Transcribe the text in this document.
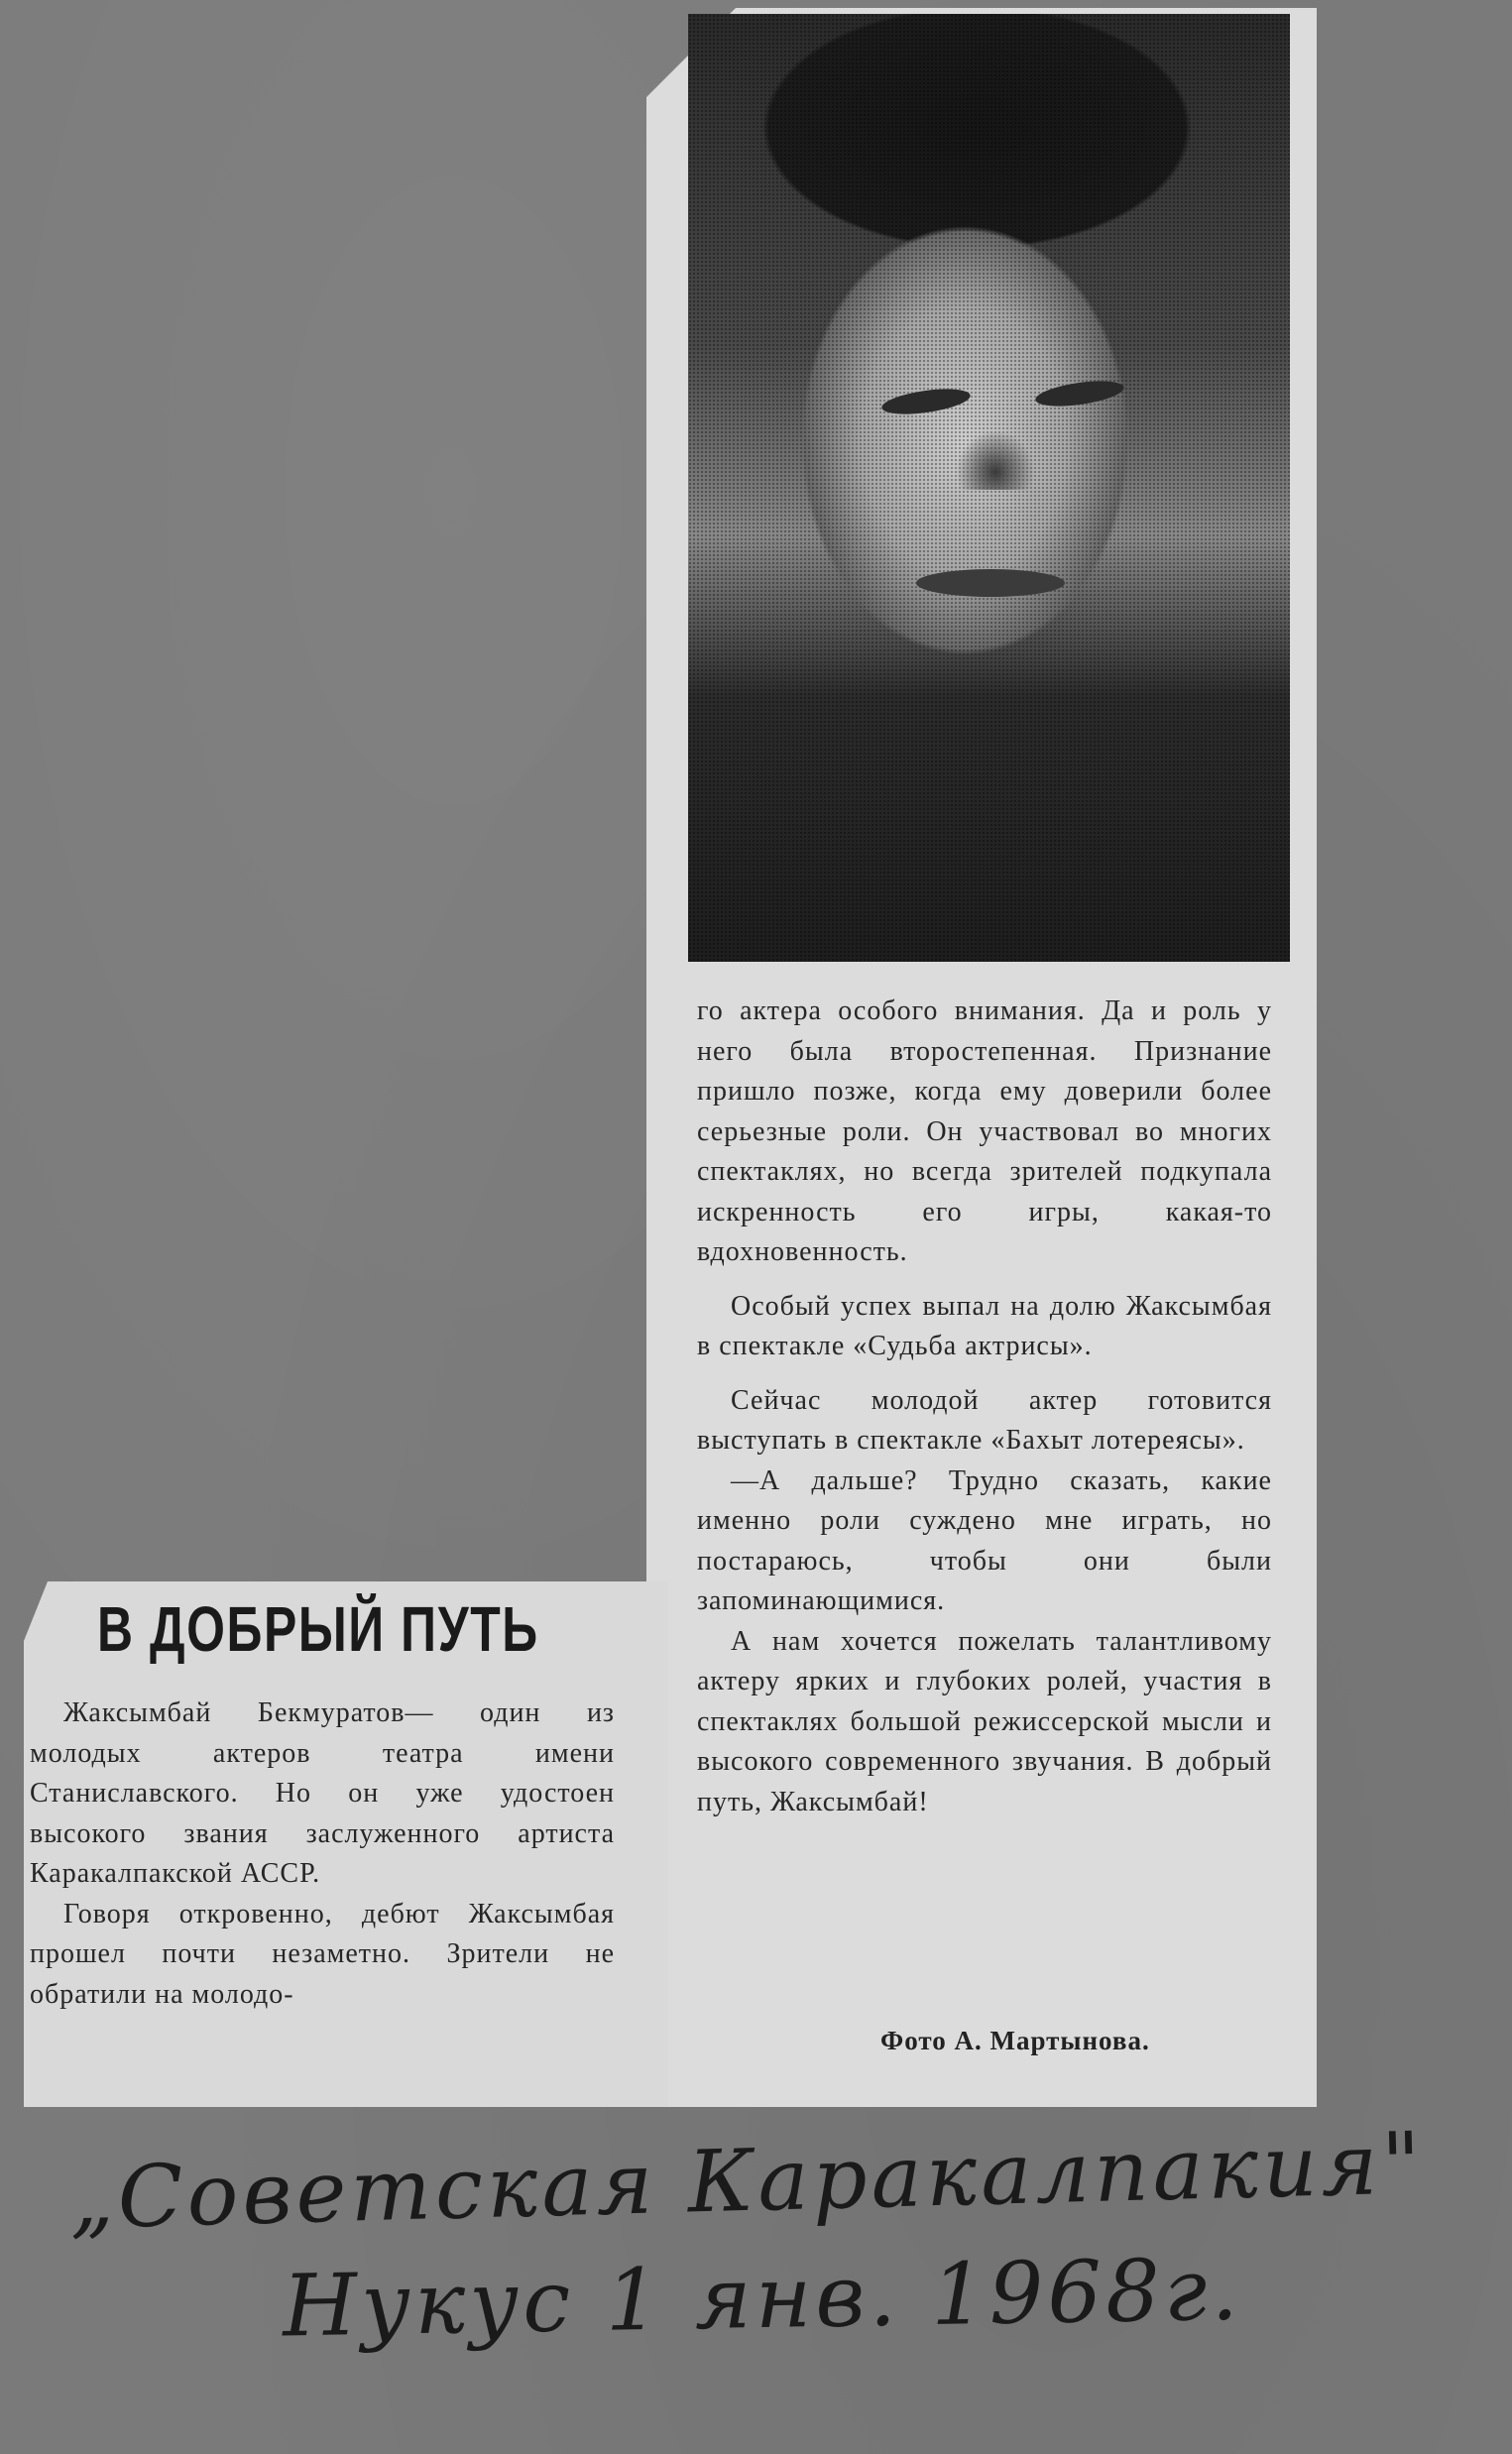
В ДОБРЫЙ ПУТЬ

Жаксымбай Бекмуратов— один из молодых актеров театра имени Станиславского. Но он уже удостоен высокого звания заслуженного артиста Каракалпакской АССР.

Говоря откровенно, дебют Жаксымбая прошел почти незаметно. Зрители не обратили на молодо-

го актера особого внимания. Да и роль у него была второстепенная. Признание пришло позже, когда ему доверили более серьезные роли. Он участвовал во многих спектаклях, но всегда зрителей подкупала искренность его игры, какая-то вдохновенность.

Особый успех выпал на долю Жаксымбая в спектакле «Судьба актрисы».

Сейчас молодой актер готовится выступать в спектакле «Бахыт лотереясы».

—А дальше? Трудно сказать, какие именно роли суждено мне играть, но постараюсь, чтобы они были запоминающимися.

А нам хочется пожелать талантливому актеру ярких и глубоких ролей, участия в спектаклях большой режиссерской мысли и высокого современного звучания. В добрый путь, Жаксымбай!

Фото А. Мартынова.
„Советская Каракалпакия"
Нукус 1 янв. 1968г.
